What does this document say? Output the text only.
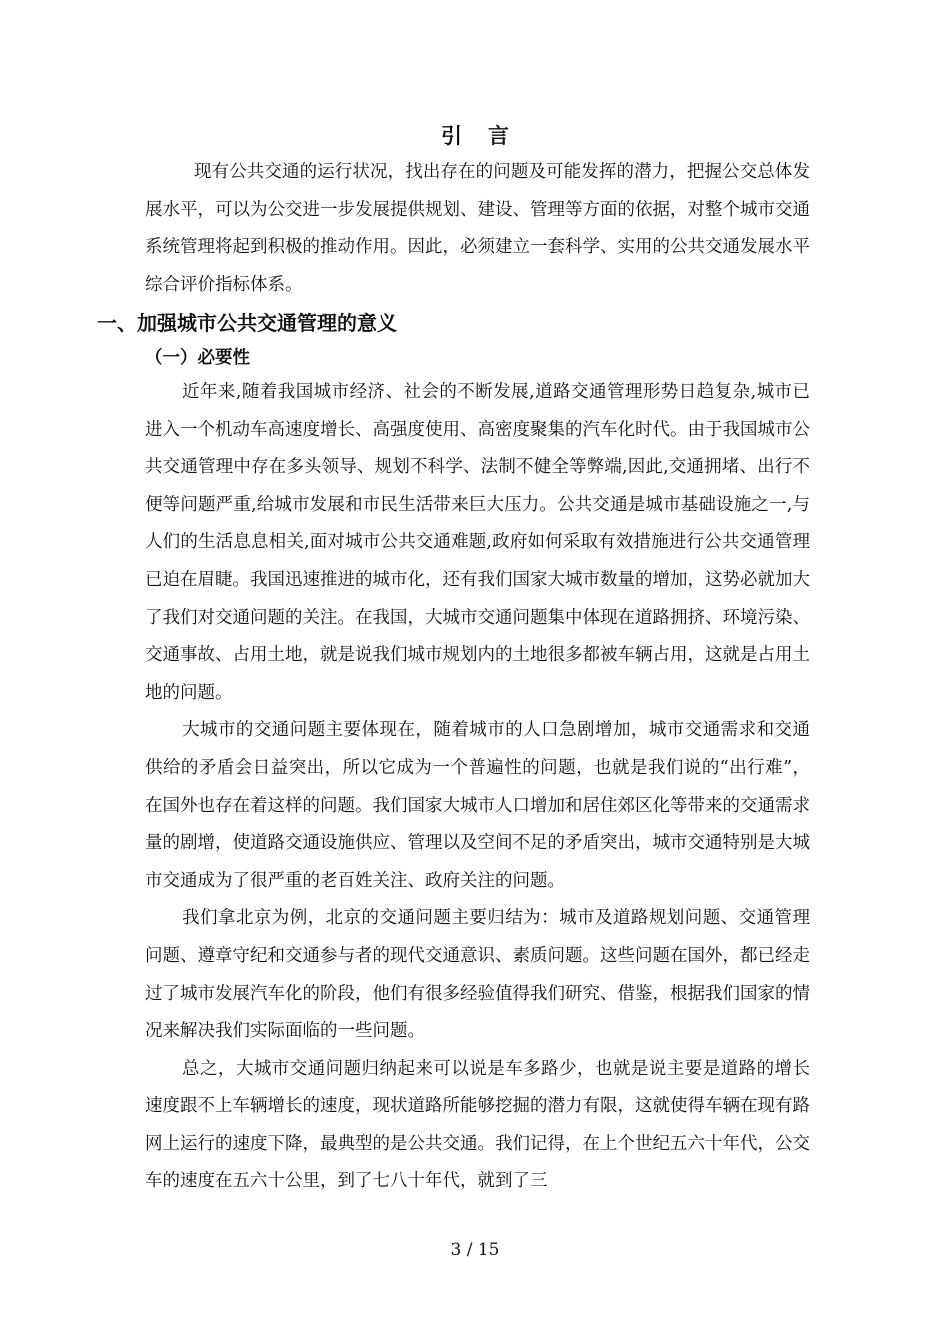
引言

现有公共交通的运行状况，找出存在的问题及可能发挥的潜力，把握公交总体发展水平，可以为公交进一步发展提供规划、建设、管理等方面的依据，对整个城市交通系统管理将起到积极的推动作用。因此，必须建立一套科学、实用的公共交通发展水平综合评价指标体系。

一、加强城市公共交通管理的意义
（一）必要性

近年来,随着我国城市经济、社会的不断发展,道路交通管理形势日趋复杂,城市已进入一个机动车高速度增长、高强度使用、高密度聚集的汽车化时代。由于我国城市公共交通管理中存在多头领导、规划不科学、法制不健全等弊端,因此,交通拥堵、出行不便等问题严重,给城市发展和市民生活带来巨大压力。公共交通是城市基础设施之一,与人们的生活息息相关,面对城市公共交通难题,政府如何采取有效措施进行公共交通管理已迫在眉睫。我国迅速推进的城市化，还有我们国家大城市数量的增加，这势必就加大了我们对交通问题的关注。在我国，大城市交通问题集中体现在道路拥挤、环境污染、交通事故、占用土地，就是说我们城市规划内的土地很多都被车辆占用，这就是占用土地的问题。

大城市的交通问题主要体现在，随着城市的人口急剧增加，城市交通需求和交通供给的矛盾会日益突出，所以它成为一个普遍性的问题，也就是我们说的“出行难”，在国外也存在着这样的问题。我们国家大城市人口增加和居住郊区化等带来的交通需求量的剧增，使道路交通设施供应、管理以及空间不足的矛盾突出，城市交通特别是大城市交通成为了很严重的老百姓关注、政府关注的问题。

我们拿北京为例，北京的交通问题主要归结为：城市及道路规划问题、交通管理问题、遵章守纪和交通参与者的现代交通意识、素质问题。这些问题在国外，都已经走过了城市发展汽车化的阶段，他们有很多经验值得我们研究、借鉴，根据我们国家的情况来解决我们实际面临的一些问题。

总之，大城市交通问题归纳起来可以说是车多路少，也就是说主要是道路的增长速度跟不上车辆增长的速度，现状道路所能够挖掘的潜力有限，这就使得车辆在现有路网上运行的速度下降，最典型的是公共交通。我们记得，在上个世纪五六十年代，公交车的速度在五六十公里，到了七八十年代，就到了三

3 / 15
